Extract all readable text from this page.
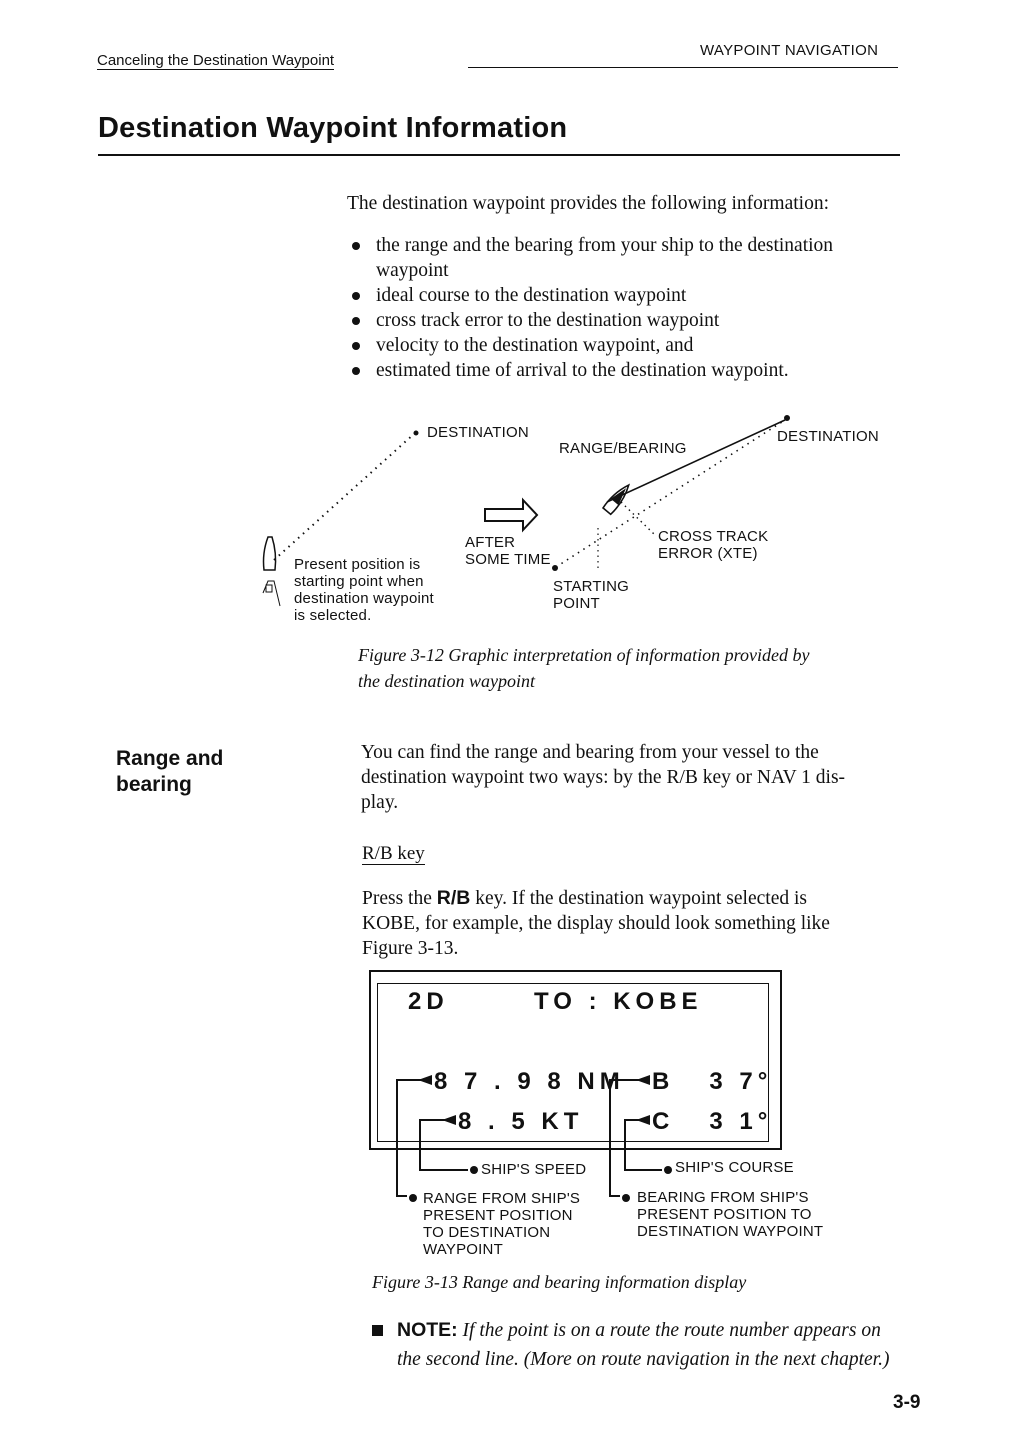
Canceling the Destination Waypoint
WAYPOINT NAVIGATION
Destination Waypoint Information
The destination waypoint provides the following information:
the range and the bearing from your ship to the destination waypoint
ideal course to the destination waypoint
cross track error to the destination waypoint
velocity to the destination waypoint, and
estimated time of arrival to the destination waypoint.
DESTINATION
RANGE/BEARING
DESTINATION
AFTER
SOME TIME
CROSS TRACK
ERROR (XTE)
STARTING
POINT
Present position is
starting point when
destination waypoint
is selected.
Figure 3-12 Graphic interpretation of information provided by
the destination waypoint
Range and
bearing
You can find the range and bearing from your vessel to the
destination waypoint two ways: by the R/B key or NAV 1 dis-
play.
R/B key
Press the R/B key. If the destination waypoint selected is
KOBE, for example, the display should look something like
Figure 3-13.
2D	TO : KOBE
8 7 . 9 8 NM B   3 7°
8 . 5 KT	C   3 1°
SHIP'S SPEED	SHIP'S COURSE
RANGE FROM SHIP'S
PRESENT POSITION
TO DESTINATION
WAYPOINT
BEARING FROM SHIP'S
PRESENT POSITION TO
DESTINATION WAYPOINT
Figure 3-13 Range and bearing information display
NOTE: If the point is on a route the route number appears on
the second line. (More on route navigation in the next chapter.)
3-9
